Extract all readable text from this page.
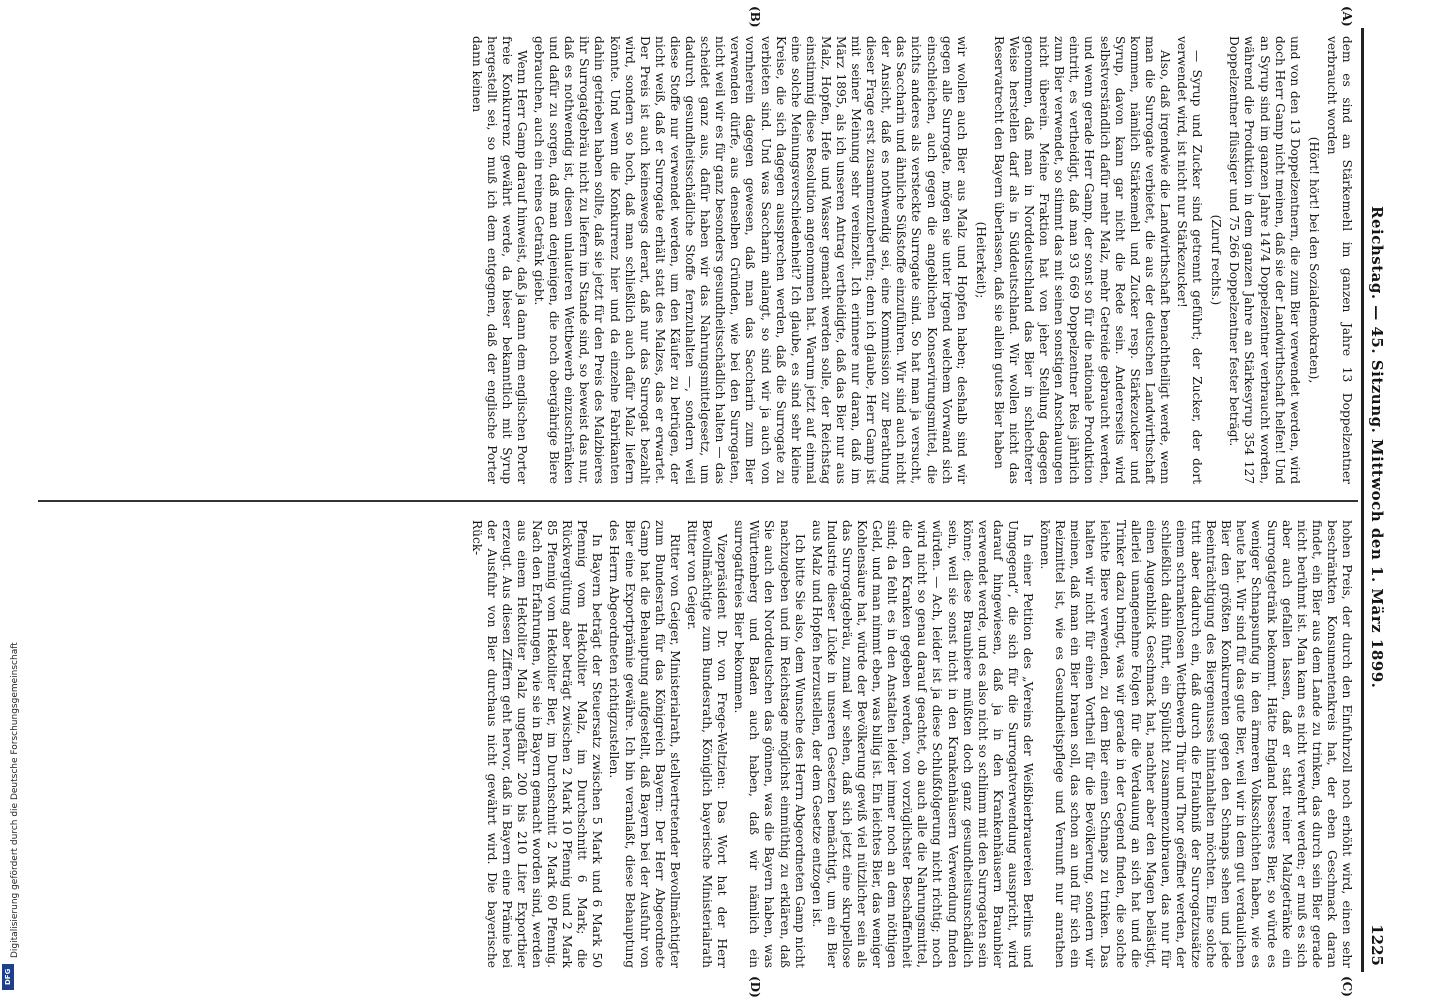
Digitalisierung gefördert durch die Deutsche Forschungsgemeinschaft
DFG
Reichstag. — 45. Sitzung. Mittwoch den 1. März 1899.
1225
(A)
(B)
(C)
(D)

dem es sind an Stärkemehl im ganzen Jahre 13 Doppelzentner verbraucht worden

(Hört! hört! bei den Sozialdemokraten),

und von den 13 Doppelzentnern, die zum Bier verwendet werden, wird doch Herr Gamp nicht meinen, daß sie der Landwirthschaft helfen! Und an Syrup sind im ganzen Jahre 1474 Doppelzentner verbraucht worden, während die Produktion in dem ganzen Jahre an Stärkesyrup 354 127 Doppelzentner flüssiger und 75 266 Doppelzentner fester beträgt.

(Zuruf rechts.)

— Syrup und Zucker sind getrennt geführt; der Zucker, der dort verwendet wird, ist nicht nur Stärkezucker!

Also, daß irgendwie die Landwirthschaft benachtheiligt werde, wenn man die Surrogate verbietet, die aus der deutschen Landwirthschaft kommen, nämlich Stärkemehl und Zucker resp. Stärkezucker und Syrup, davon kann gar nicht die Rede sein. Andererseits wird selbstverständlich dafür mehr Malz, mehr Getreide gebraucht werden, und wenn gerade Herr Gamp, der sonst so für die nationale Produktion eintritt, es vertheidigt, daß man 93 669 Doppelzentner Reis jährlich zum Bier verwendet, so stimmt das mit seinen sonstigen Anschauungen nicht überein. Meine Fraktion hat von jeher Stellung dagegen genommen, daß man in Norddeutschland das Bier in schlechterer Weise herstellen darf als in Süddeutschland. Wir wollen nicht das Reservatrecht den Bayern überlassen, daß sie allein gutes Bier haben

(Heiterkeit);

wir wollen auch Bier aus Malz und Hopfen haben; deshalb sind wir gegen alle Surrogate, mögen sie unter irgend welchem Vorwand sich einschleichen, auch gegen die angeblichen Konservirungsmittel, die nichts anderes als versteckte Surrogate sind. So hat man ja versucht, das Saccharin und ähnliche Süßstoffe einzuführen. Wir sind auch nicht der Ansicht, daß es nothwendig sei, eine Kommission zur Berathung dieser Frage erst zusammenzuberufen; denn ich glaube, Herr Gamp ist mit seiner Meinung sehr vereinzelt. Ich erinnere nur daran, daß im März 1895, als ich unseren Antrag vertheidigte, daß das Bier nur aus Malz, Hopfen, Hefe und Wasser gemacht werden solle, der Reichstag einstimmig diese Resolution angenommen hat. Warum jetzt auf einmal eine solche Meinungsverschiedenheit? Ich glaube, es sind sehr kleine Kreise, die sich dagegen aussprechen werden, daß die Surrogate zu verbieten sind. Und was Saccharin anlangt, so sind wir ja auch von vornherein dagegen gewesen, daß man das Saccharin zum Bier verwenden dürfe, aus denselben Gründen, wie bei den Surrogaten, nicht weil wir es für ganz besonders gesundheitsschädlich halten — das scheidet ganz aus, dafür haben wir das Nahrungsmittelgesetz, um dadurch gesundheitsschädliche Stoffe fernzuhalten —, sondern weil diese Stoffe nur verwendet werden, um den Käufer zu betrügen, der nicht weiß, daß er Surrogate erhält statt des Malzes, das er erwartet. Der Preis ist auch keineswegs derart, daß nur das Surrogat bezahlt wird, sondern so hoch, daß man schließlich auch dafür Malz liefern könnte. Und wenn die Konkurrenz hier und da einzelne Fabrikanten dahin getrieben haben sollte, daß sie jetzt für den Preis des Malzbieres ihr Surrogatgebräu nicht zu liefern im Stande sind, so beweist das nur, daß es nothwendig ist, diesen unlauteren Wettbewerb einzuschränken und dafür zu sorgen, daß man denjenigen, die noch obergährige Biere gebrauchen, auch ein reines Getränk giebt.

Wenn Herr Gamp darauf hinweist, daß ja dann dem englischen Porter freie Konkurrenz gewährt werde, da bieser bekanntlich mit Syrup hergestellt sei, so muß ich dem entgegnen, daß der englische Porter dann keinen

hohen Preis, der durch den Einfuhrzoll noch erhöht wird, einen sehr beschränkten Konsumentenkreis hat, der eben Geschmack daran findet, ein Bier aus dem Lande zu trinken, das durch sein Bier gerade nicht berühmt ist. Man kann es nicht verwehrt werden; er muß es sich aber auch gefallen lassen, daß er statt reiner Malzgetränke ein Surrogatgetränk bekommt. Hätte England besseres Bier, so würde es weniger Schnapsunfug in den ärmeren Volksschichten haben, wie es heute hat. Wir sind für das gute Bier, weil wir in dem gut verdaulichen Bier den größten Konkurrenten gegen den Schnaps sehen und jede Beeinträchtigung des Biergenusses hintanhalten möchten. Eine solche tritt aber dadurch ein, daß durch die Erlaubniß der Surrogatzusätze einem schrankenlosen Wettbewerb Thür und Thor geöffnet werden, der schließlich dahin führt, ein Spülicht zusammenzubrauen, das nur für einen Augenblick Geschmack hat, nachher aber den Magen belästigt, allerlei unangenehme Folgen für die Verdauung an sich hat und die Trinker dazu bringt, was wir gerade in der Gegend finden, die solche leichte Biere verwenden, zu dem Bier einen Schnaps zu trinken. Das halten wir nicht für einen Vortheil für die Bevölkerung, sondern wir meinen, daß man ein Bier brauen soll, das schon an und für sich ein Reizmittel ist, wie es Gesundheitspflege und Vernunft nur anrathen können.

In einer Petition des „Vereins der Weißbierbrauereien Berlins und Umgegend“, die sich für die Surrogatverwendung ausspricht, wird darauf hingewiesen, daß ja in den Krankenhäusern Braunbier verwendet werde, und es also nicht so schlimm mit den Surrogaten sein könne; diese Braunbiere müßten doch ganz gesundheitsunschädlich sein, weil sie sonst nicht in den Krankenhäusern Verwendung finden würden. — Ach, leider ist ja diese Schlußfolgerung nicht richtig; noch wird nicht so genau darauf geachtet, ob auch alle die Nahrungsmittel, die den Kranken gegeben werden, von vorzüglichster Beschaffenheit sind; da fehlt es in den Anstalten leider immer noch an dem nöthigen Geld, und man nimmt eben, was billig ist. Ein leichtes Bier, das weniger Kohlensäure hat, würde der Bevölkerung gewiß viel nützlicher sein als das Surrogatgebräu, zumal wir sehen, daß sich jetzt eine skrupellose Industrie dieser Lücke in unseren Gesetzen bemächtigt, um ein Bier aus Malz und Hopfen herzustellen, der dem Gesetze entzogen ist.

Ich bitte Sie also, dem Wunsche des Herrn Abgeordneten Gamp nicht nachzugeben und im Reichstage möglichst einmüthig zu erklären, daß Sie auch den Norddeutschen das gönnen, was die Bayern haben, was Württemberg und Baden auch haben, daß wir nämlich ein surrogatfreies Bier bekommen.

Vizepräsident Dr. von Frege-Weltzien: Das Wort hat der Herr Bevollmächtigte zum Bundesrath, Königlich bayerische Ministerialrath Ritter von Geiger.

Ritter von Geiger, Ministerialrath, stellvertretender Bevollmächtigter zum Bundesrath für das Königreich Bayern: Der Herr Abgeordnete Gamp hat die Behauptung aufgestellt, daß Bayern bei der Ausfuhr von Bier eine Exportprämie gewähre. Ich bin veranlaßt, diese Behauptung des Herrn Abgeordneten richtigzustellen.

In Bayern beträgt der Steuersatz zwischen 5 Mark und 6 Mark 50 Pfennig vom Hektoliter Malz, im Durchschnitt 6 Mark; die Rückvergütung aber beträgt zwischen 2 Mark 10 Pfennig und 2 Mark 85 Pfennig vom Hektoliter Bier, im Durchschnitt 2 Mark 60 Pfennig. Nach den Erfahrungen, wie sie in Bayern gemacht worden sind, werden aus einem Hektoliter Malz ungefähr 200 bis 210 Liter Exportbier erzeugt. Aus diesen Ziffern geht hervor, daß in Bayern eine Prämie bei der Ausfuhr von Bier durchaus nicht gewährt wird. Die bayerische Rück-
